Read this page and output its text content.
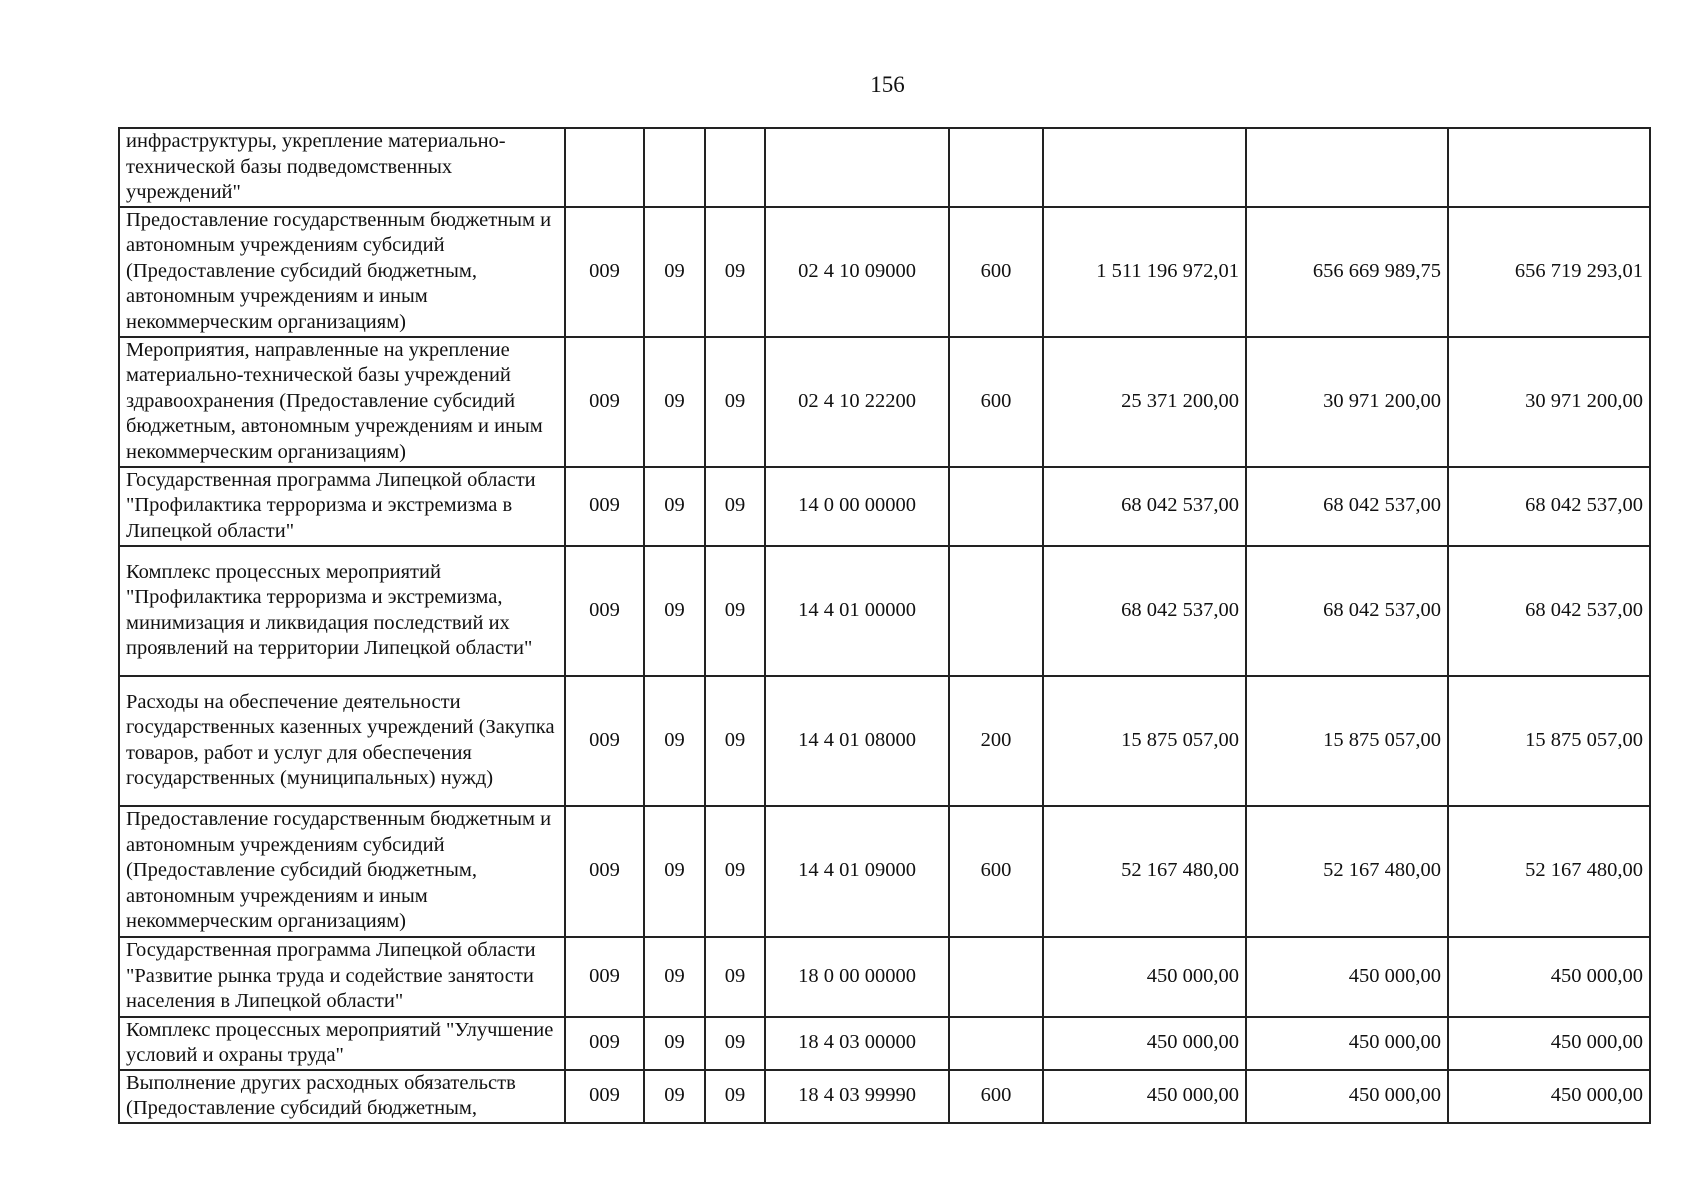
156
инфраструктуры, укрепление материально-технической базы подведомственных учреждений"								
Предоставление государственным бюджетным и автономным учреждениям субсидий (Предоставление субсидий бюджетным, автономным учреждениям и иным некоммерческим организациям)	009	09	09	02 4 10 09000	600	1 511 196 972,01	656 669 989,75	656 719 293,01
Мероприятия, направленные на укрепление материально-технической базы учреждений здравоохранения (Предоставление субсидий бюджетным, автономным учреждениям и иным некоммерческим организациям)	009	09	09	02 4 10 22200	600	25 371 200,00	30 971 200,00	30 971 200,00
Государственная программа Липецкой области "Профилактика терроризма и экстремизма в Липецкой области"	009	09	09	14 0 00 00000		68 042 537,00	68 042 537,00	68 042 537,00
Комплекс процессных мероприятий "Профилактика терроризма и экстремизма, минимизация и ликвидация последствий их проявлений на территории Липецкой области"	009	09	09	14 4 01 00000		68 042 537,00	68 042 537,00	68 042 537,00
Расходы на обеспечение деятельности государственных казенных учреждений (Закупка товаров, работ и услуг для обеспечения государственных (муниципальных) нужд)	009	09	09	14 4 01 08000	200	15 875 057,00	15 875 057,00	15 875 057,00
Предоставление государственным бюджетным и автономным учреждениям субсидий (Предоставление субсидий бюджетным, автономным учреждениям и иным некоммерческим организациям)	009	09	09	14 4 01 09000	600	52 167 480,00	52 167 480,00	52 167 480,00
Государственная программа Липецкой области "Развитие рынка труда и содействие занятости населения в Липецкой области"	009	09	09	18 0 00 00000		450 000,00	450 000,00	450 000,00
Комплекс процессных мероприятий "Улучшение условий и охраны труда"	009	09	09	18 4 03 00000		450 000,00	450 000,00	450 000,00
Выполнение других расходных обязательств (Предоставление субсидий бюджетным,	009	09	09	18 4 03 99990	600	450 000,00	450 000,00	450 000,00
